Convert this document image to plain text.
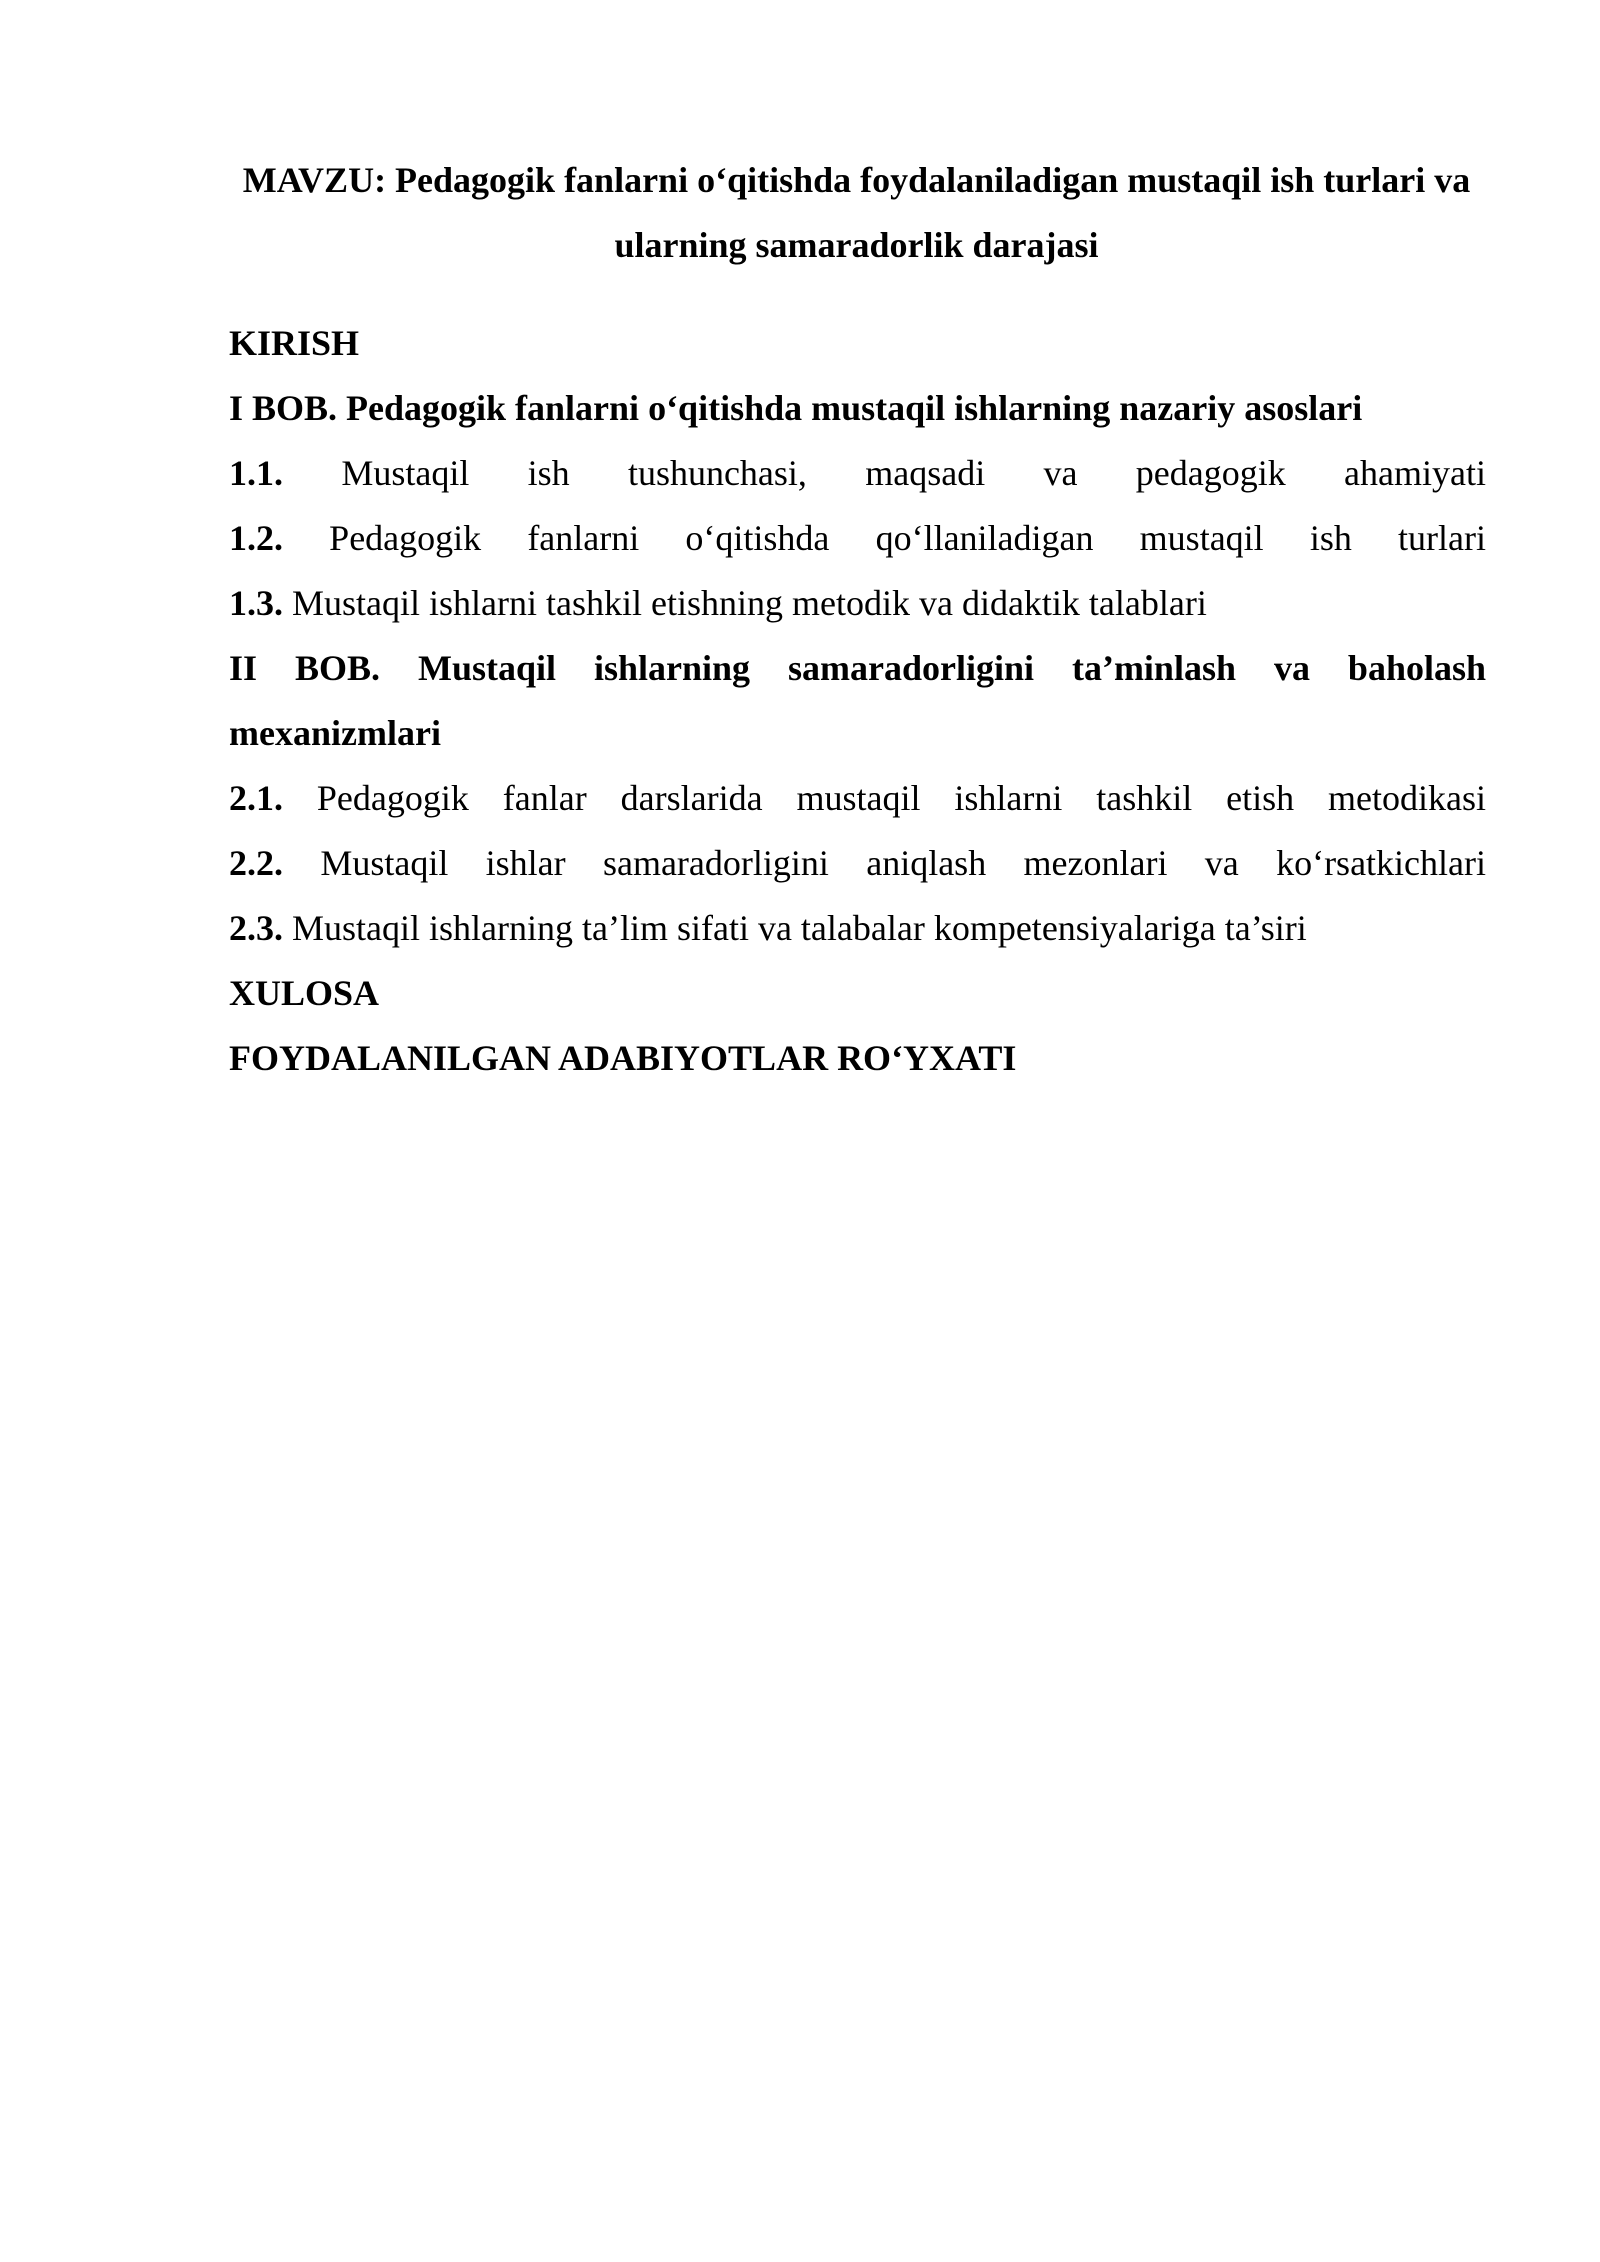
MAVZU: Pedagogik fanlarni o‘qitishda foydalaniladigan mustaqil ish turlari va ularning samaradorlik darajasi
KIRISH
I BOB. Pedagogik fanlarni o‘qitishda mustaqil ishlarning nazariy asoslari
1.1. Mustaqil ish tushunchasi, maqsadi va pedagogik ahamiyati
1.2. Pedagogik fanlarni o‘qitishda qo‘llaniladigan mustaqil ish turlari
1.3. Mustaqil ishlarni tashkil etishning metodik va didaktik talablari
II BOB. Mustaqil ishlarning samaradorligini ta’minlash va baholash mexanizmlari
2.1. Pedagogik fanlar darslarida mustaqil ishlarni tashkil etish metodikasi
2.2. Mustaqil ishlar samaradorligini aniqlash mezonlari va ko‘rsatkichlari
2.3. Mustaqil ishlarning ta’lim sifati va talabalar kompetensiyalariga ta’siri
XULOSA
FOYDALANILGAN ADABIYOTLAR RO‘YXATI
